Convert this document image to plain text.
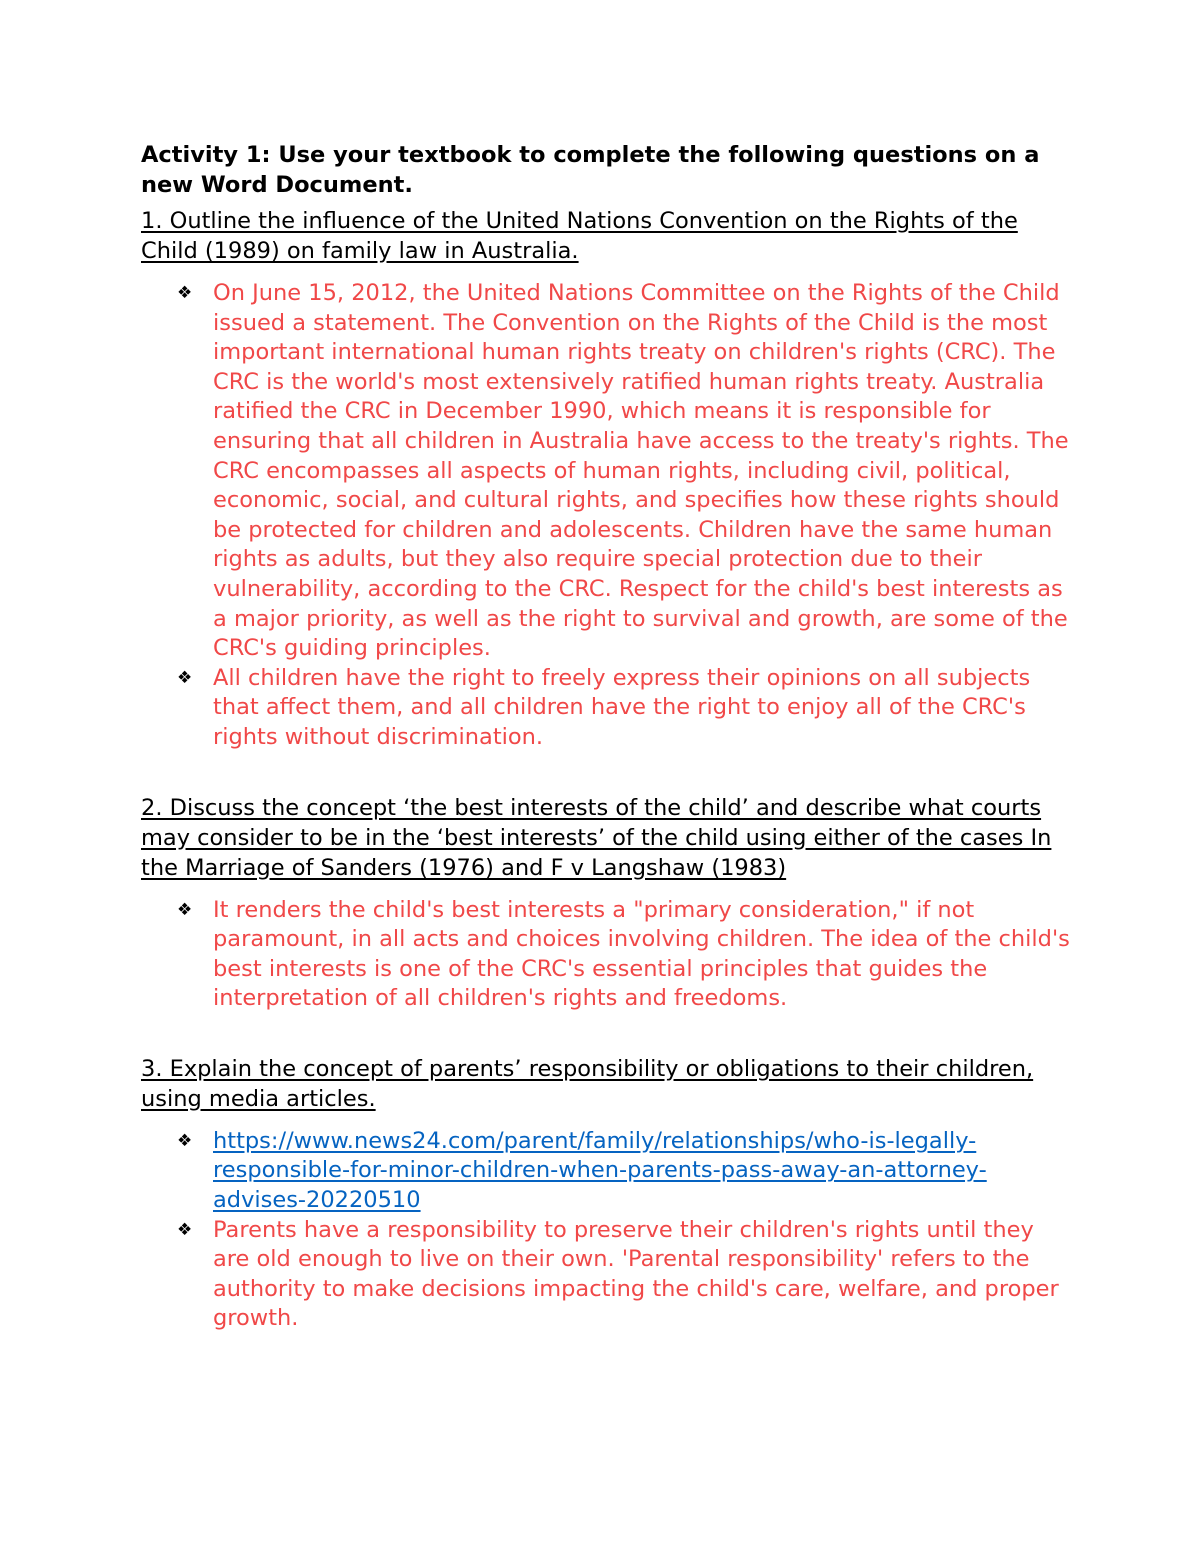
Activity 1: Use your textbook to complete the following questions on a new Word Document.

1. Outline the influence of the United Nations Convention on the Rights of the Child (1989) on family law in Australia.

❖ On June 15, 2012, the United Nations Committee on the Rights of the Child issued a statement. The Convention on the Rights of the Child is the most important international human rights treaty on children's rights (CRC). The CRC is the world's most extensively ratified human rights treaty. Australia ratified the CRC in December 1990, which means it is responsible for ensuring that all children in Australia have access to the treaty's rights. The CRC encompasses all aspects of human rights, including civil, political, economic, social, and cultural rights, and specifies how these rights should be protected for children and adolescents. Children have the same human rights as adults, but they also require special protection due to their vulnerability, according to the CRC. Respect for the child's best interests as a major priority, as well as the right to survival and growth, are some of the CRC's guiding principles.
❖ All children have the right to freely express their opinions on all subjects that affect them, and all children have the right to enjoy all of the CRC's rights without discrimination.

2. Discuss the concept ‘the best interests of the child’ and describe what courts may consider to be in the ‘best interests’ of the child using either of the cases In the Marriage of Sanders (1976) and F v Langshaw (1983)

❖ It renders the child's best interests a "primary consideration," if not paramount, in all acts and choices involving children. The idea of the child's best interests is one of the CRC's essential principles that guides the interpretation of all children's rights and freedoms.

3. Explain the concept of parents’ responsibility or obligations to their children, using media articles.

❖ https://www.news24.com/parent/family/relationships/who-is-legally-responsible-for-minor-children-when-parents-pass-away-an-attorney-advises-20220510
❖ Parents have a responsibility to preserve their children's rights until they are old enough to live on their own. 'Parental responsibility' refers to the authority to make decisions impacting the child's care, welfare, and proper growth.
